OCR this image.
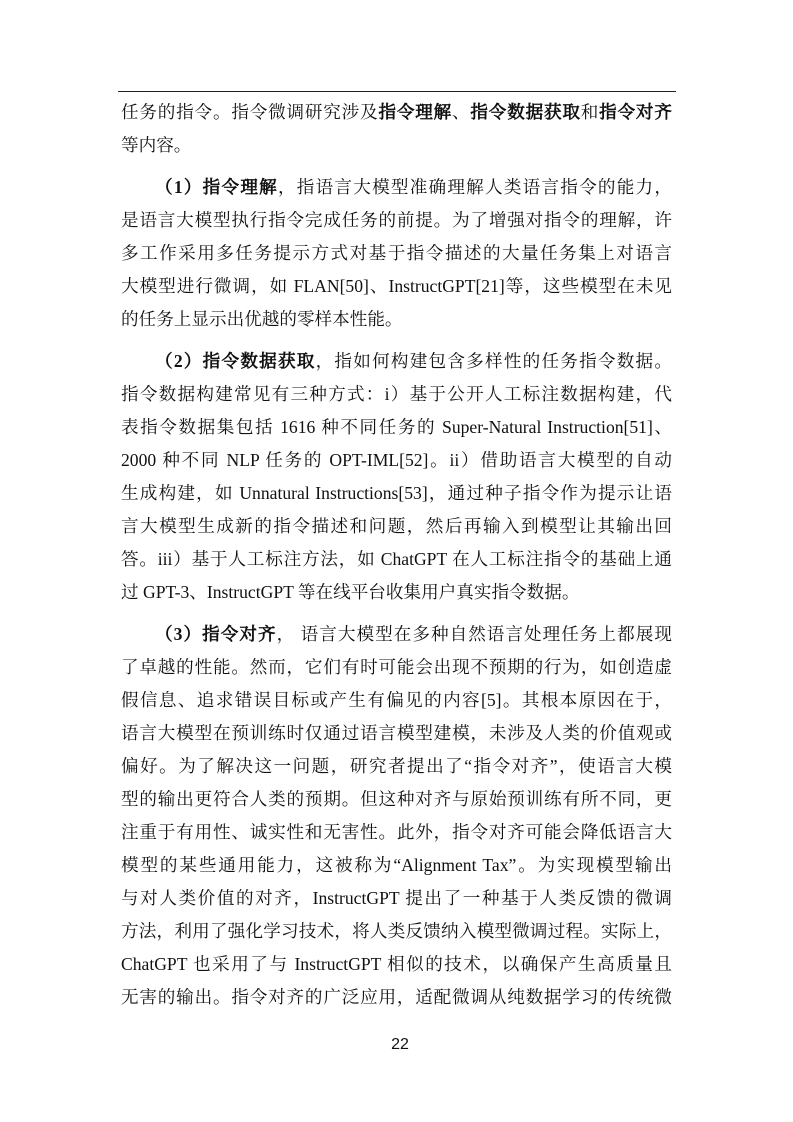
任务的指令。指令微调研究涉及指令理解、指令数据获取和指令对齐
等内容。
（1）指令理解，指语言大模型准确理解人类语言指令的能力，
是语言大模型执行指令完成任务的前提。为了增强对指令的理解，许
多工作采用多任务提示方式对基于指令描述的大量任务集上对语言
大模型进行微调，如 FLAN[50]、InstructGPT[21]等，这些模型在未见
的任务上显示出优越的零样本性能。
（2）指令数据获取，指如何构建包含多样性的任务指令数据。
指令数据构建常见有三种方式：i）基于公开人工标注数据构建，代
表指令数据集包括 1616 种不同任务的 Super-Natural Instruction[51]、
2000 种不同 NLP 任务的 OPT-IML[52]。ii）借助语言大模型的自动
生成构建，如 Unnatural Instructions[53]，通过种子指令作为提示让语
言大模型生成新的指令描述和问题，然后再输入到模型让其输出回
答。iii）基于人工标注方法，如 ChatGPT 在人工标注指令的基础上通
过 GPT-3、InstructGPT 等在线平台收集用户真实指令数据。
（3）指令对齐， 语言大模型在多种自然语言处理任务上都展现
了卓越的性能。然而，它们有时可能会出现不预期的行为，如创造虚
假信息、追求错误目标或产生有偏见的内容[5]。其根本原因在于，
语言大模型在预训练时仅通过语言模型建模，未涉及人类的价值观或
偏好。为了解决这一问题，研究者提出了“指令对齐”，使语言大模
型的输出更符合人类的预期。但这种对齐与原始预训练有所不同，更
注重于有用性、诚实性和无害性。此外，指令对齐可能会降低语言大
模型的某些通用能力，这被称为“Alignment Tax”。为实现模型输出
与对人类价值的对齐，InstructGPT 提出了一种基于人类反馈的微调
方法，利用了强化学习技术，将人类反馈纳入模型微调过程。实际上，
ChatGPT 也采用了与 InstructGPT 相似的技术，以确保产生高质量且
无害的输出。指令对齐的广泛应用，适配微调从纯数据学习的传统微
22
